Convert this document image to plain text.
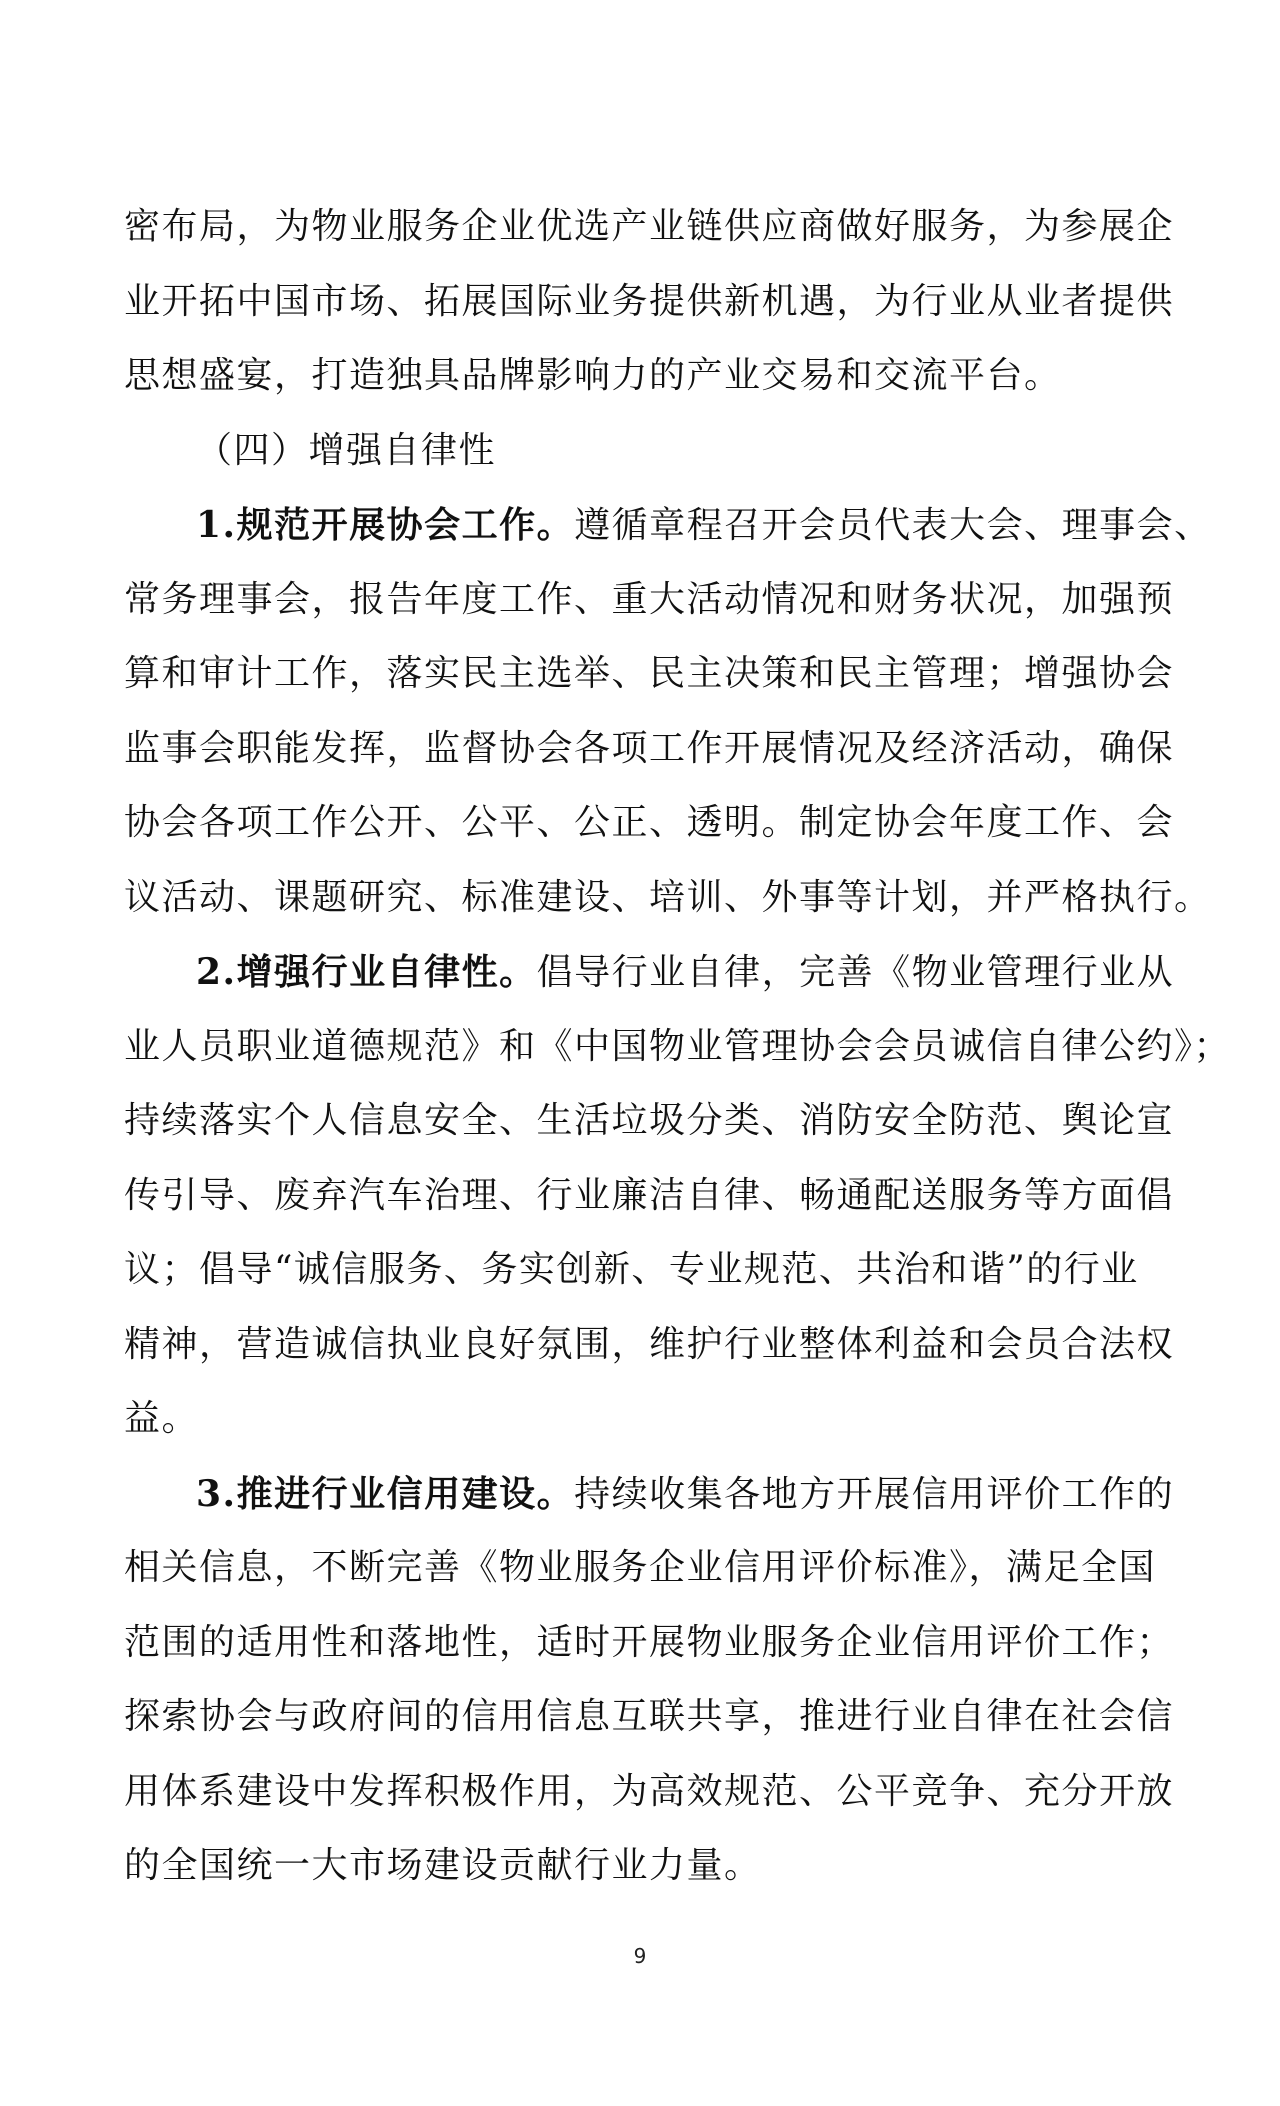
密布局，为物业服务企业优选产业链供应商做好服务，为参展企
业开拓中国市场、拓展国际业务提供新机遇，为行业从业者提供
思想盛宴，打造独具品牌影响力的产业交易和交流平台。
（四）增强自律性
1.规范开展协会工作。遵循章程召开会员代表大会、理事会、
常务理事会，报告年度工作、重大活动情况和财务状况，加强预
算和审计工作，落实民主选举、民主决策和民主管理；增强协会
监事会职能发挥，监督协会各项工作开展情况及经济活动，确保
协会各项工作公开、公平、公正、透明。制定协会年度工作、会
议活动、课题研究、标准建设、培训、外事等计划，并严格执行。
2.增强行业自律性。倡导行业自律，完善《物业管理行业从
业人员职业道德规范》和《中国物业管理协会会员诚信自律公约》；
持续落实个人信息安全、生活垃圾分类、消防安全防范、舆论宣
传引导、废弃汽车治理、行业廉洁自律、畅通配送服务等方面倡
议；倡导“诚信服务、务实创新、专业规范、共治和谐”的行业
精神，营造诚信执业良好氛围，维护行业整体利益和会员合法权
益。
3.推进行业信用建设。持续收集各地方开展信用评价工作的
相关信息，不断完善《物业服务企业信用评价标准》，满足全国
范围的适用性和落地性，适时开展物业服务企业信用评价工作；
探索协会与政府间的信用信息互联共享，推进行业自律在社会信
用体系建设中发挥积极作用，为高效规范、公平竞争、充分开放
的全国统一大市场建设贡献行业力量。
9
